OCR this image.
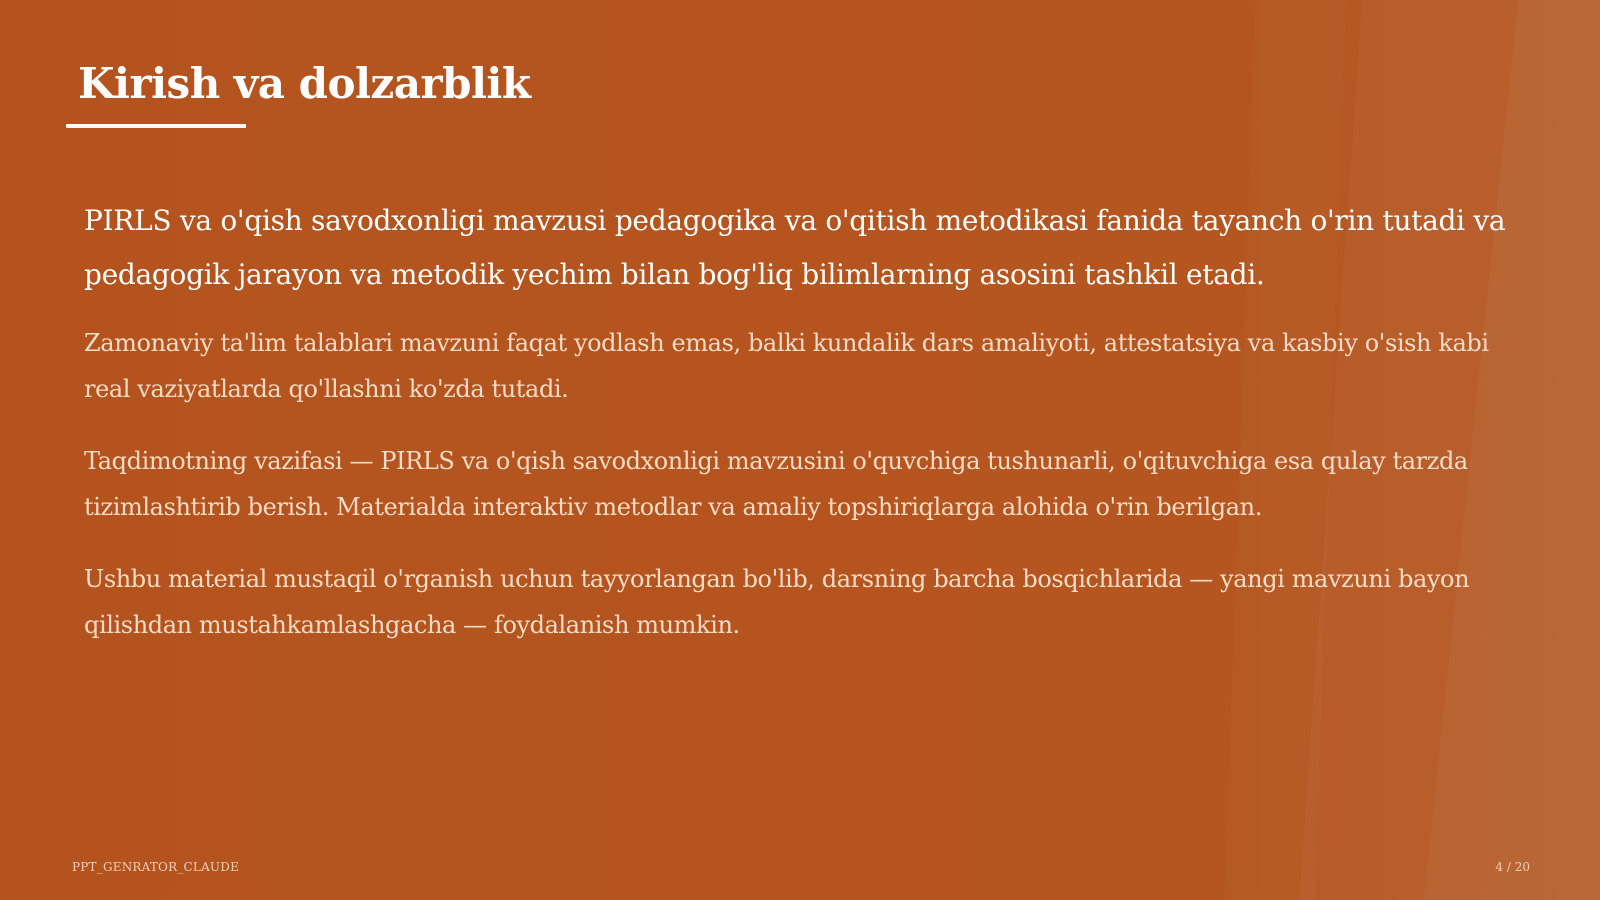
Kirish va dolzarblik

PIRLS va o'qish savodxonligi mavzusi pedagogika va o'qitish metodikasi fanida tayanch o'rin tutadi va pedagogik jarayon va metodik yechim bilan bog'liq bilimlarning asosini tashkil etadi.

Zamonaviy ta'lim talablari mavzuni faqat yodlash emas, balki kundalik dars amaliyoti, attestatsiya va kasbiy o'sish kabi real vaziyatlarda qo'llashni ko'zda tutadi.

Taqdimotning vazifasi — PIRLS va o'qish savodxonligi mavzusini o'quvchiga tushunarli, o'qituvchiga esa qulay tarzda tizimlashtirib berish. Materialda interaktiv metodlar va amaliy topshiriqlarga alohida o'rin berilgan.

Ushbu material mustaqil o'rganish uchun tayyorlangan bo'lib, darsning barcha bosqichlarida — yangi mavzuni bayon qilishdan mustahkamlashgacha — foydalanish mumkin.

PPT_GENRATOR_CLAUDE	4 / 20
